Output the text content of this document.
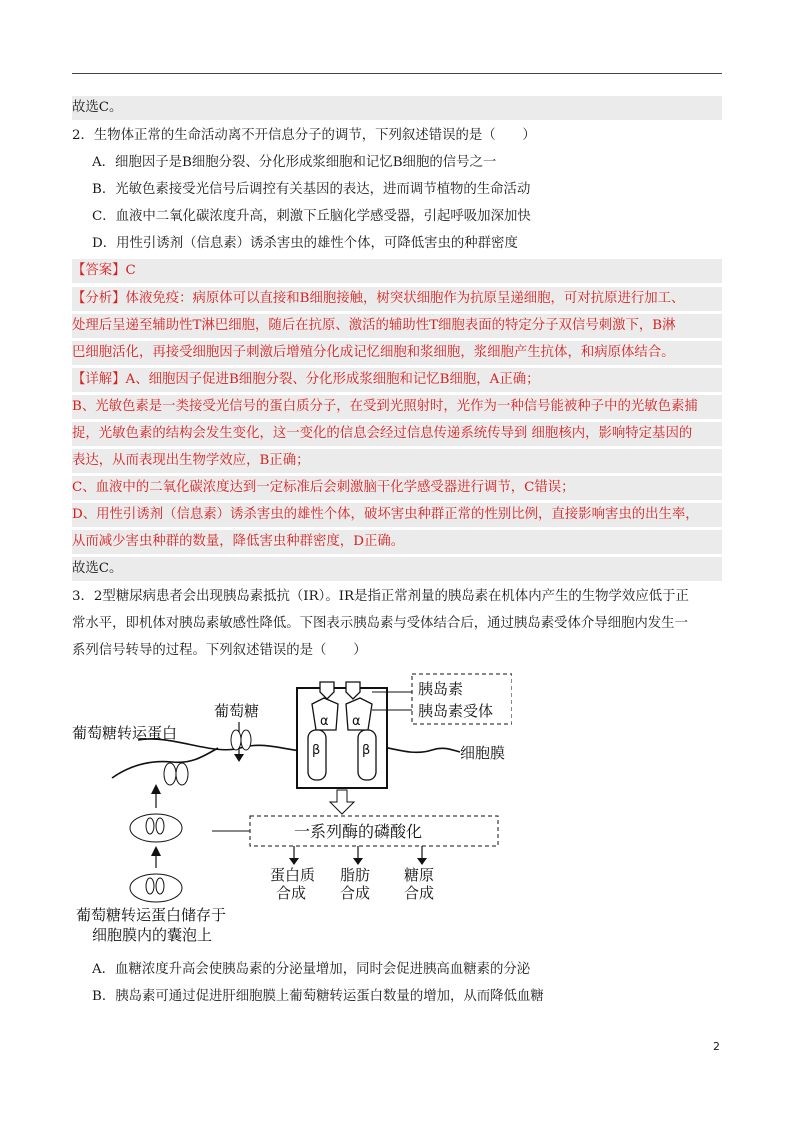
故选C。
2．生物体正常的生命活动离不开信息分子的调节，下列叙述错误的是（　　）
A．细胞因子是B细胞分裂、分化形成浆细胞和记忆B细胞的信号之一
B．光敏色素接受光信号后调控有关基因的表达，进而调节植物的生命活动
C．血液中二氧化碳浓度升高，刺激下丘脑化学感受器，引起呼吸加深加快
D．用性引诱剂（信息素）诱杀害虫的雄性个体，可降低害虫的种群密度
【答案】C
【分析】体液免疫：病原体可以直接和B细胞接触，树突状细胞作为抗原呈递细胞，可对抗原进行加工、
处理后呈递至辅助性T淋巴细胞，随后在抗原、激活的辅助性T细胞表面的特定分子双信号刺激下，B淋
巴细胞活化，再接受细胞因子刺激后增殖分化成记忆细胞和浆细胞，浆细胞产生抗体，和病原体结合。
【详解】A、细胞因子促进B细胞分裂、分化形成浆细胞和记忆B细胞，A正确；
B、光敏色素是一类接受光信号的蛋白质分子，在受到光照射时，光作为一种信号能被种子中的光敏色素捕
捉，光敏色素的结构会发生变化，这一变化的信息会经过信息传递系统传导到 细胞核内，影响特定基因的
表达，从而表现出生物学效应，B正确；
C、血液中的二氧化碳浓度达到一定标准后会刺激脑干化学感受器进行调节，C错误；
D、用性引诱剂（信息素）诱杀害虫的雄性个体，破坏害虫种群正常的性别比例，直接影响害虫的出生率，
从而减少害虫种群的数量，降低害虫种群密度，D正确。
故选C。
3．2型糖尿病患者会出现胰岛素抵抗（IR）。IR是指正常剂量的胰岛素在机体内产生的生物学效应低于正
常水平，即机体对胰岛素敏感性降低。下图表示胰岛素与受体结合后，通过胰岛素受体介导细胞内发生一
系列信号转导的过程。下列叙述错误的是（　　）
α α
β	β
胰岛素
胰岛素受体
细胞膜
葡萄糖
葡萄糖转运蛋白
葡萄糖转运蛋白储存于
细胞膜内的囊泡上
一系列酶的磷酸化
蛋白质
合成
脂肪
合成
糖原
合成
A．血糖浓度升高会使胰岛素的分泌量增加，同时会促进胰高血糖素的分泌
B．胰岛素可通过促进肝细胞膜上葡萄糖转运蛋白数量的增加，从而降低血糖
2
